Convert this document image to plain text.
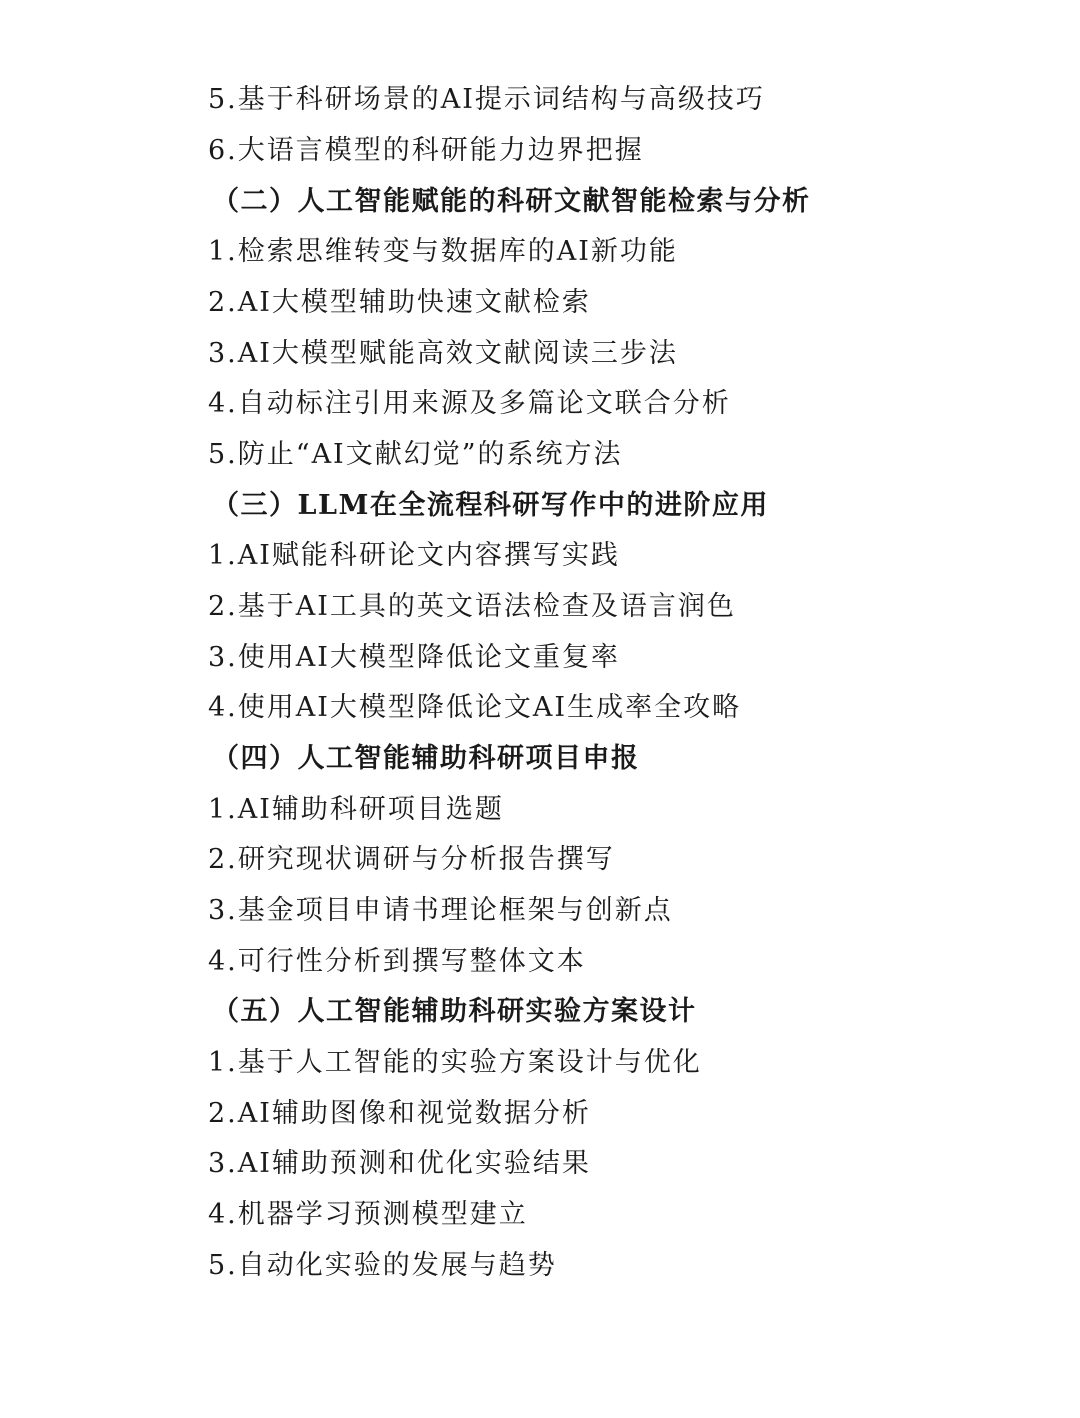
5.基于科研场景的AI提示词结构与高级技巧
6.大语言模型的科研能力边界把握
（二）人工智能赋能的科研文献智能检索与分析
1.检索思维转变与数据库的AI新功能
2.AI大模型辅助快速文献检索
3.AI大模型赋能高效文献阅读三步法
4.自动标注引用来源及多篇论文联合分析
5.防止“AI文献幻觉”的系统方法
（三）LLM在全流程科研写作中的进阶应用
1.AI赋能科研论文内容撰写实践
2.基于AI工具的英文语法检查及语言润色
3.使用AI大模型降低论文重复率
4.使用AI大模型降低论文AI生成率全攻略
（四）人工智能辅助科研项目申报
1.AI辅助科研项目选题
2.研究现状调研与分析报告撰写
3.基金项目申请书理论框架与创新点
4.可行性分析到撰写整体文本
（五）人工智能辅助科研实验方案设计
1.基于人工智能的实验方案设计与优化
2.AI辅助图像和视觉数据分析
3.AI辅助预测和优化实验结果
4.机器学习预测模型建立
5.自动化实验的发展与趋势
